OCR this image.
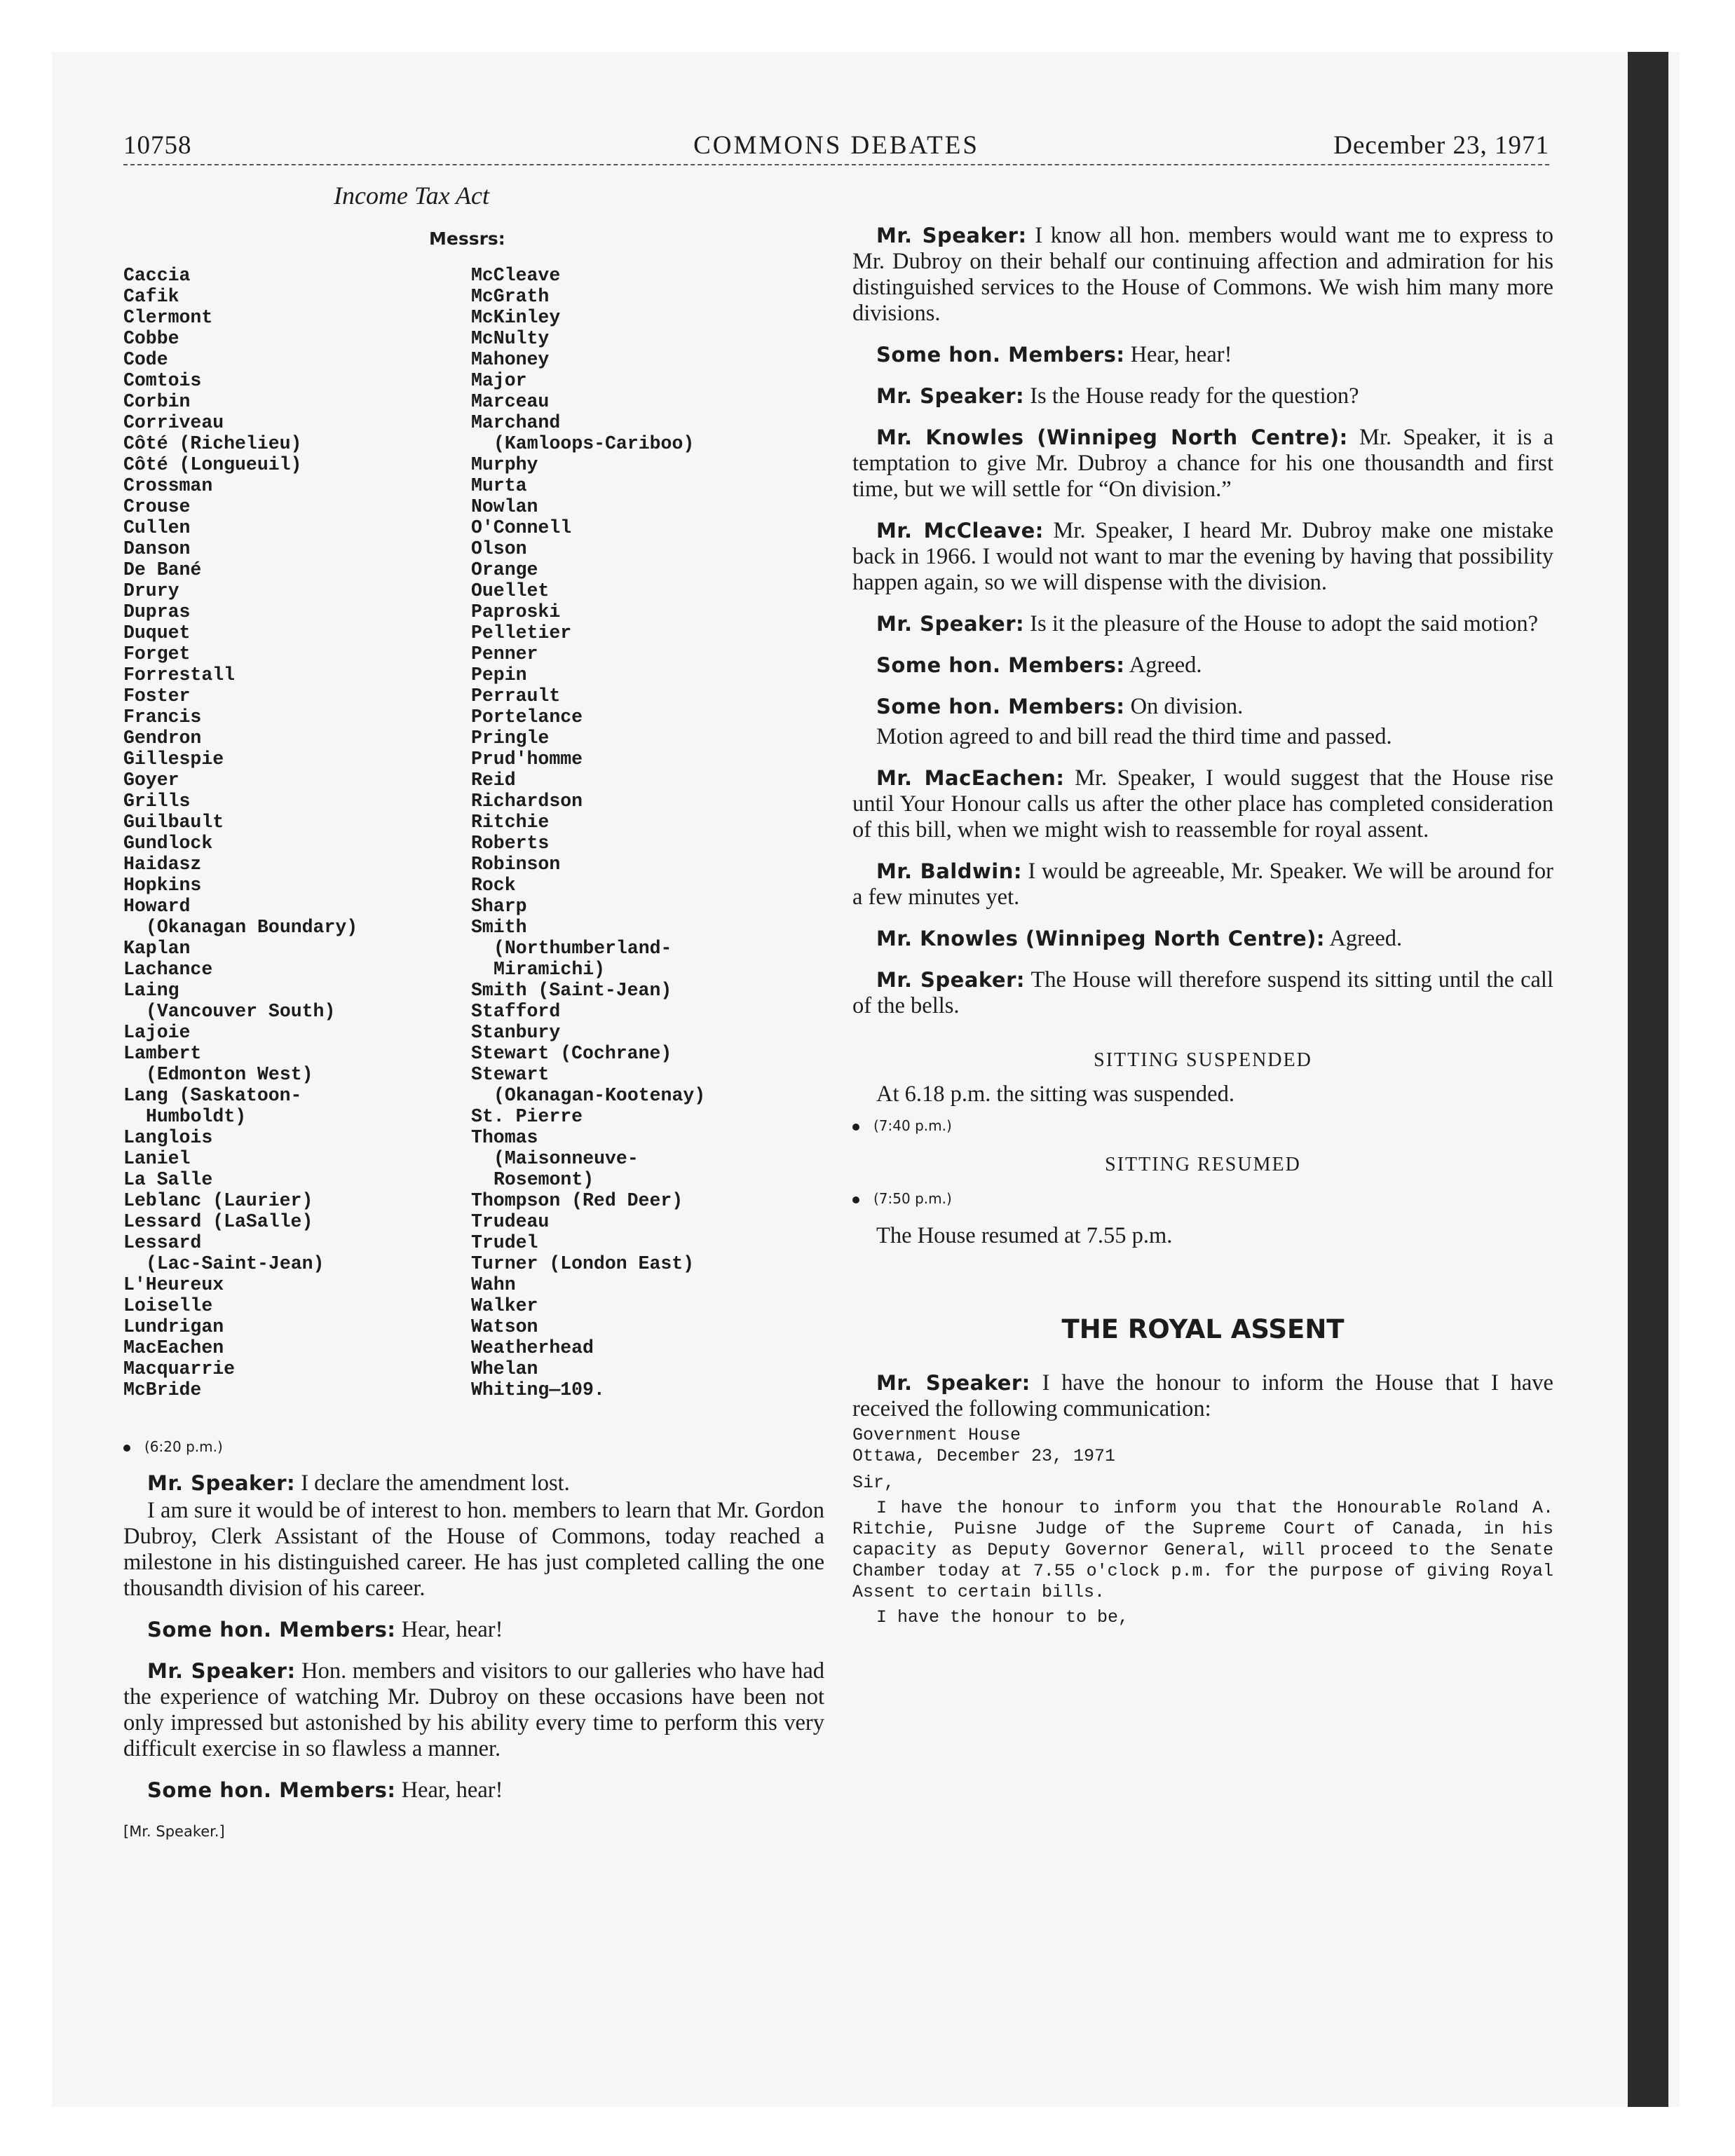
10758	COMMONS DEBATES	December 23, 1971
Income Tax Act
Messrs:
Caccia
Cafik
Clermont
Cobbe
Code
Comtois
Corbin
Corriveau
Côté (Richelieu)
Côté (Longueuil)
Crossman
Crouse
Cullen
Danson
De Bané
Drury
Dupras
Duquet
Forget
Forrestall
Foster
Francis
Gendron
Gillespie
Goyer
Grills
Guilbault
Gundlock
Haidasz
Hopkins
Howard
(Okanagan Boundary)
Kaplan
Lachance
Laing
(Vancouver South)
Lajoie
Lambert
(Edmonton West)
Lang (Saskatoon-
Humboldt)
Langlois
Laniel
La Salle
Leblanc (Laurier)
Lessard (LaSalle)
Lessard
(Lac-Saint-Jean)
L'Heureux
Loiselle
Lundrigan
MacEachen
Macquarrie
McBride
McCleave
McGrath
McKinley
McNulty
Mahoney
Major
Marceau
Marchand
(Kamloops-Cariboo)
Murphy
Murta
Nowlan
O'Connell
Olson
Orange
Ouellet
Paproski
Pelletier
Penner
Pepin
Perrault
Portelance
Pringle
Prud'homme
Reid
Richardson
Ritchie
Roberts
Robinson
Rock
Sharp
Smith
(Northumberland-
Miramichi)
Smith (Saint-Jean)
Stafford
Stanbury
Stewart (Cochrane)
Stewart
(Okanagan-Kootenay)
St. Pierre
Thomas
(Maisonneuve-
Rosemont)
Thompson (Red Deer)
Trudeau
Trudel
Turner (London East)
Wahn
Walker
Watson
Weatherhead
Whelan
Whiting—109.
(6:20 p.m.)

Mr. Speaker: I declare the amendment lost.

I am sure it would be of interest to hon. members to learn that Mr. Gordon Dubroy, Clerk Assistant of the House of Commons, today reached a milestone in his distinguished career. He has just completed calling the one thousandth division of his career.

Some hon. Members: Hear, hear!

Mr. Speaker: Hon. members and visitors to our galleries who have had the experience of watching Mr. Dubroy on these occasions have been not only impressed but astonished by his ability every time to perform this very difficult exercise in so flawless a manner.

Some hon. Members: Hear, hear!

[Mr. Speaker.]

Mr. Speaker: I know all hon. members would want me to express to Mr. Dubroy on their behalf our continuing affection and admiration for his distinguished services to the House of Commons. We wish him many more divisions.

Some hon. Members: Hear, hear!

Mr. Speaker: Is the House ready for the question?

Mr. Knowles (Winnipeg North Centre): Mr. Speaker, it is a temptation to give Mr. Dubroy a chance for his one thousandth and first time, but we will settle for “On division.”

Mr. McCleave: Mr. Speaker, I heard Mr. Dubroy make one mistake back in 1966. I would not want to mar the evening by having that possibility happen again, so we will dispense with the division.

Mr. Speaker: Is it the pleasure of the House to adopt the said motion?

Some hon. Members: Agreed.

Some hon. Members: On division.

Motion agreed to and bill read the third time and passed.

Mr. MacEachen: Mr. Speaker, I would suggest that the House rise until Your Honour calls us after the other place has completed consideration of this bill, when we might wish to reassemble for royal assent.

Mr. Baldwin: I would be agreeable, Mr. Speaker. We will be around for a few minutes yet.

Mr. Knowles (Winnipeg North Centre): Agreed.

Mr. Speaker: The House will therefore suspend its sitting until the call of the bells.

SITTING SUSPENDED

At 6.18 p.m. the sitting was suspended.

(7:40 p.m.)

SITTING RESUMED

(7:50 p.m.)

The House resumed at 7.55 p.m.

THE ROYAL ASSENT

Mr. Speaker: I have the honour to inform the House that I have received the following communication:

Government House
Ottawa, December 23, 1971
Sir,
I have the honour to inform you that the Honourable Roland A. Ritchie, Puisne Judge of the Supreme Court of Canada, in his capacity as Deputy Governor General, will proceed to the Senate Chamber today at 7.55 o'clock p.m. for the purpose of giving Royal Assent to certain bills.
I have the honour to be,
